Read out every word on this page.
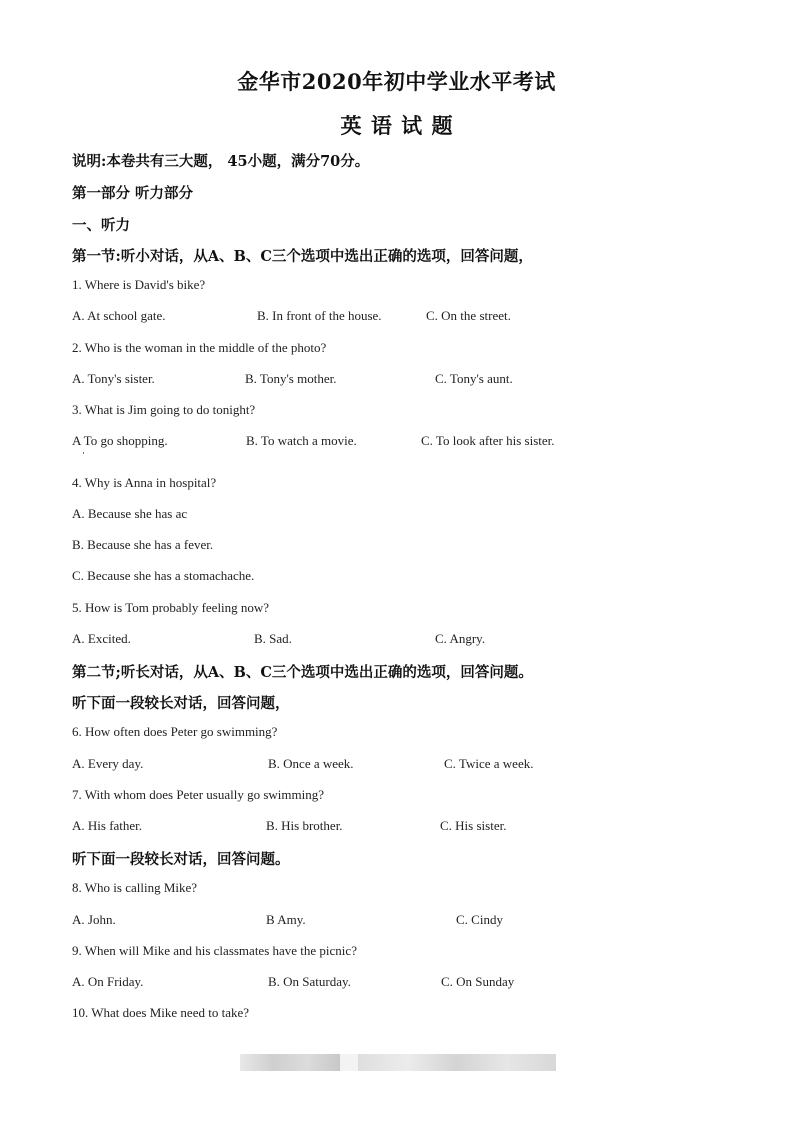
金华市2020年初中学业水平考试
英 语 试 题
说明:本卷共有三大题， 45小题，满分70分。
第一部分 听力部分
一、听力
第一节:听小对话，从A、B、C三个选项中选出正确的选项，回答问题，
1. Where is David's bike?
A. At school gate.	B. In front of the house.	C. On the street.
2. Who is the woman in the middle of the photo?
A. Tony's sister.	B. Tony's mother.	C. Tony's aunt.
3. What is Jim going to do tonight?
A To go shopping.	B. To watch a movie.	C. To look after his sister.
4. Why is Anna in hospital?
A. Because she has ac
B. Because she has a fever.
C. Because she has a stomachache.
5. How is Tom probably feeling now?
A. Excited.	B. Sad.	C. Angry.
第二节;听长对话，从A、B、C三个选项中选出正确的选项，回答问题。
听下面一段较长对话，回答问题，
6. How often does Peter go swimming?
A. Every day.	B. Once a week.	C. Twice a week.
7. With whom does Peter usually go swimming?
A. His father.	B. His brother.	C. His sister.
听下面一段较长对话，回答问题。
8. Who is calling Mike?
A. John.	B Amy.	C. Cindy
9. When will Mike and his classmates have the picnic?
A. On Friday.	B. On Saturday.	C. On Sunday
10. What does Mike need to take?
